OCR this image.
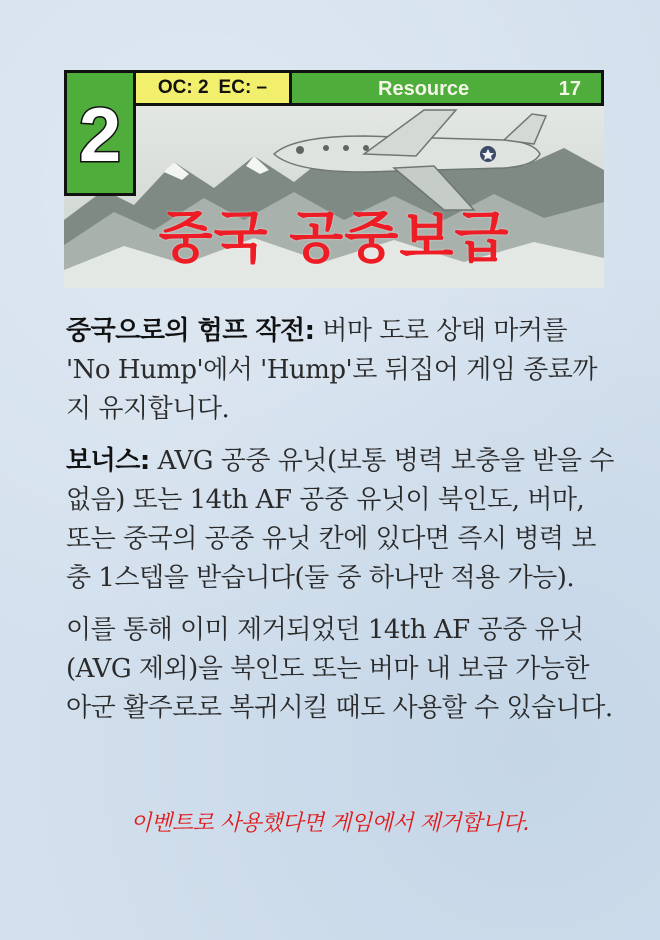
2
OC: 2 EC: –	Resource	17
중국 공중보급

중국으로의 험프 작전: 버마 도로 상태 마커를 'No Hump'에서 'Hump'로 뒤집어 게임 종료까지 유지합니다.

보너스: AVG 공중 유닛(보통 병력 보충을 받을 수 없음) 또는 14th AF 공중 유닛이 북인도, 버마, 또는 중국의 공중 유닛 칸에 있다면 즉시 병력 보충 1스텝을 받습니다(둘 중 하나만 적용 가능).

이를 통해 이미 제거되었던 14th AF 공중 유닛(AVG 제외)을 북인도 또는 버마 내 보급 가능한 아군 활주로로 복귀시킬 때도 사용할 수 있습니다.

이벤트로 사용했다면 게임에서 제거합니다.
